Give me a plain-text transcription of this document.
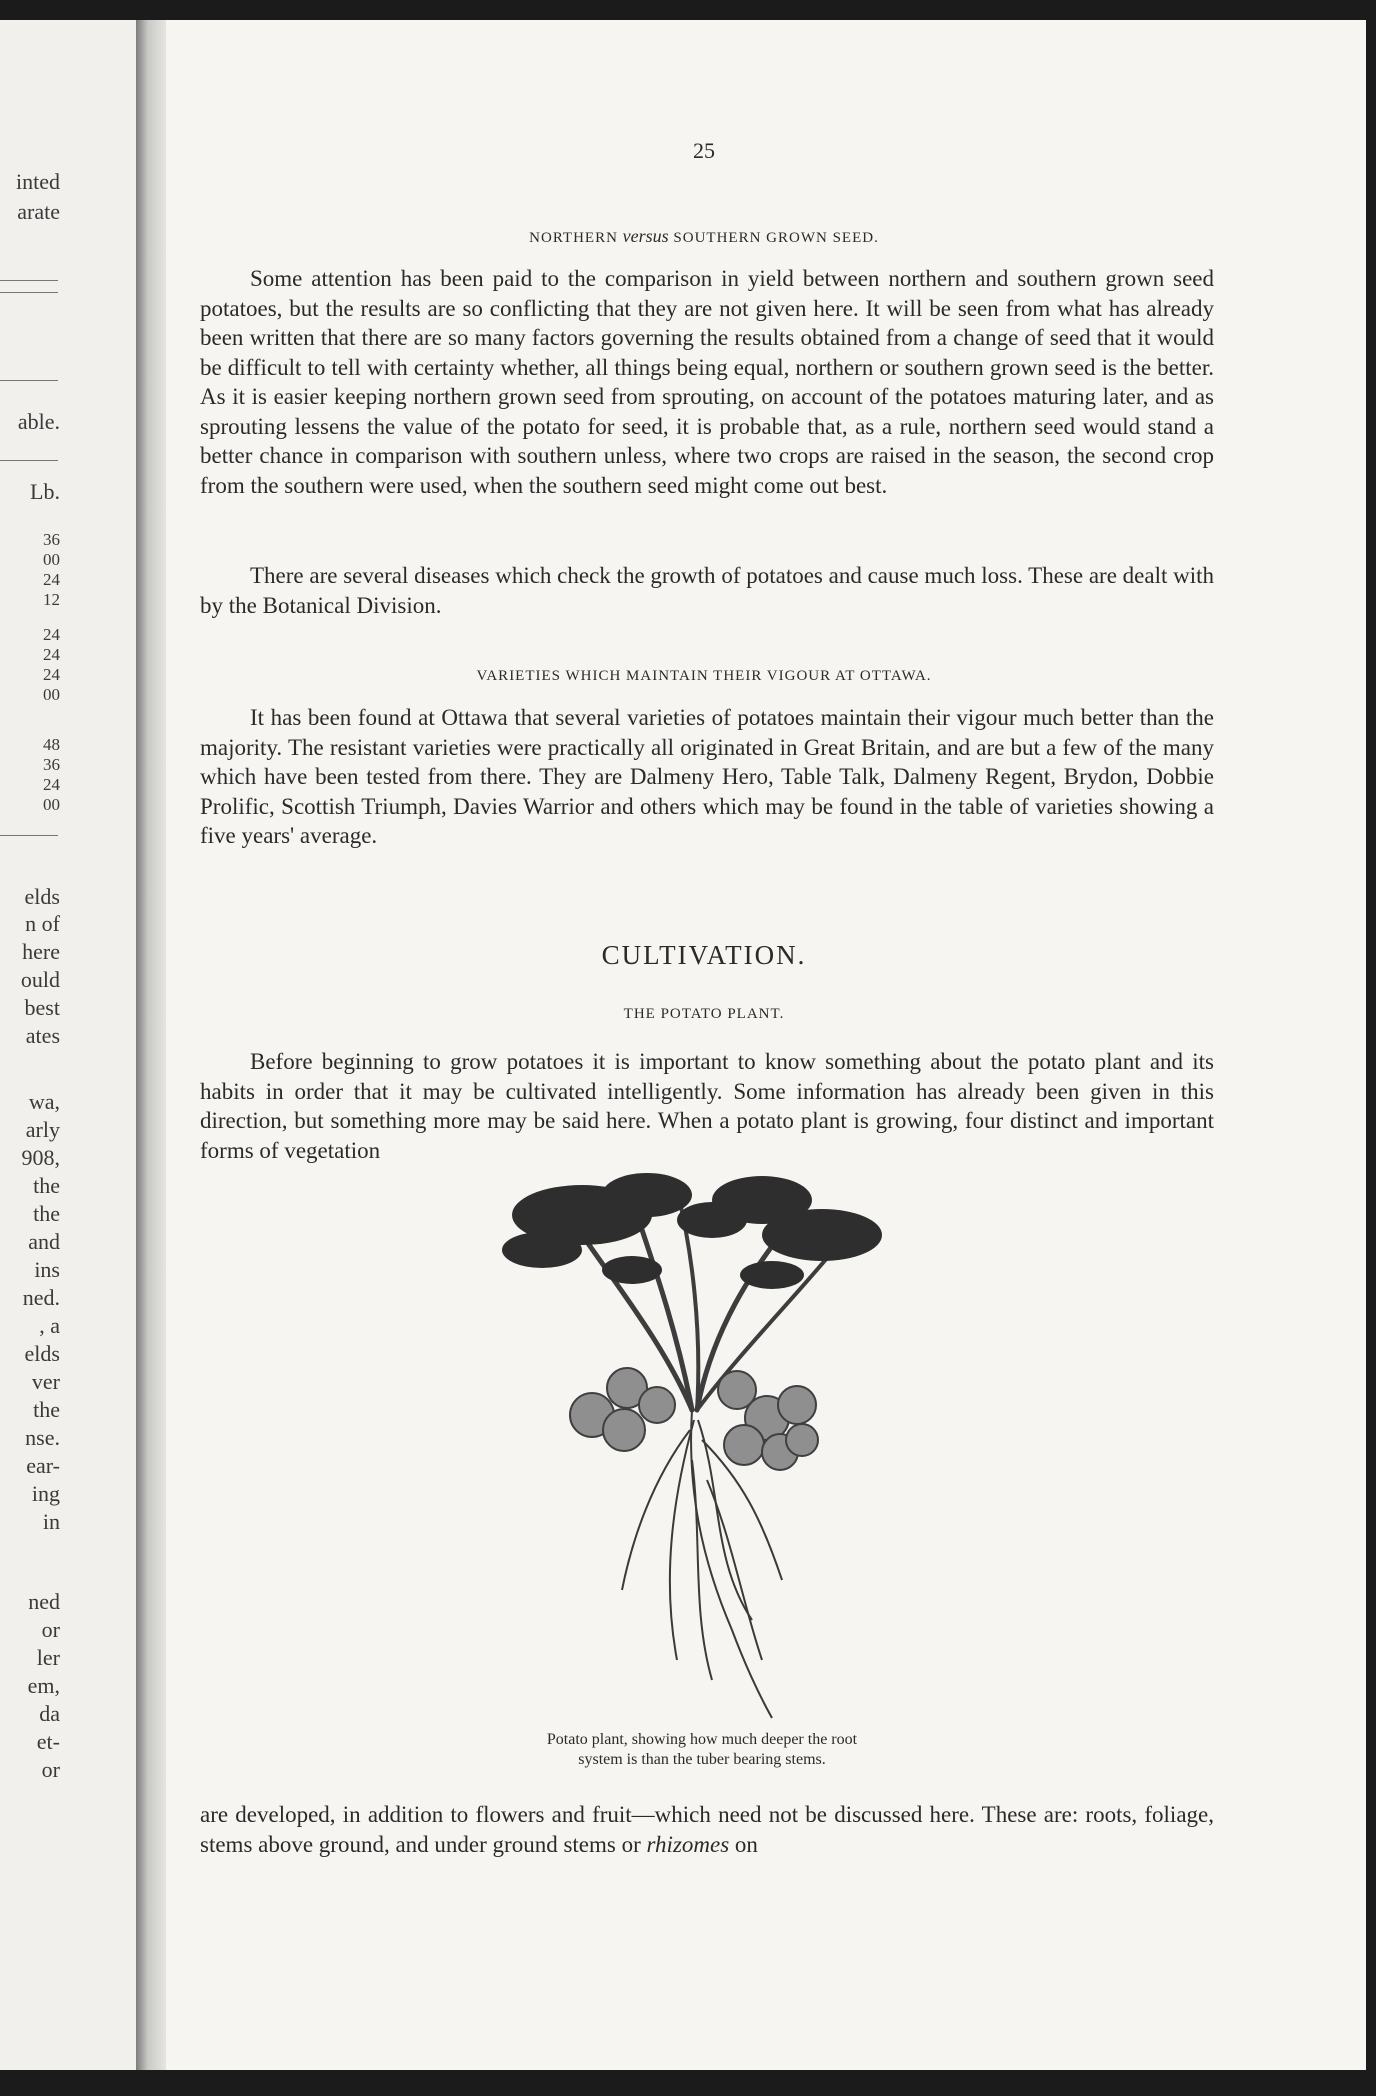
inted
arate
able.
Lb.
36
00
24
12
24
24
24
00
48
36
24
00
elds
n of
here
ould
best
ates
wa,
arly
908,
the
the
and
ins
ned.
, a
elds
ver
the
nse.
ear-
ing
in
ned
or
ler
em,
da
et-
or
25
NORTHERN versus SOUTHERN GROWN SEED.

Some attention has been paid to the comparison in yield between northern and southern grown seed potatoes, but the results are so conflicting that they are not given here. It will be seen from what has already been written that there are so many factors governing the results obtained from a change of seed that it would be difficult to tell with certainty whether, all things being equal, northern or southern grown seed is the better. As it is easier keeping northern grown seed from sprouting, on account of the potatoes maturing later, and as sprouting lessens the value of the potato for seed, it is probable that, as a rule, northern seed would stand a better chance in comparison with southern unless, where two crops are raised in the season, the second crop from the southern were used, when the southern seed might come out best.

There are several diseases which check the growth of potatoes and cause much loss. These are dealt with by the Botanical Division.

VARIETIES WHICH MAINTAIN THEIR VIGOUR AT OTTAWA.

It has been found at Ottawa that several varieties of potatoes maintain their vigour much better than the majority. The resistant varieties were practically all originated in Great Britain, and are but a few of the many which have been tested from there. They are Dalmeny Hero, Table Talk, Dalmeny Regent, Brydon, Dobbie Prolific, Scottish Triumph, Davies Warrior and others which may be found in the table of varieties showing a five years' average.

CULTIVATION.
THE POTATO PLANT.

Before beginning to grow potatoes it is important to know something about the potato plant and its habits in order that it may be cultivated intelligently. Some information has already been given in this direction, but something more may be said here. When a potato plant is growing, four distinct and important forms of vegetation

Potato plant, showing how much deeper the root
system is than the tuber bearing stems.

are developed, in addition to flowers and fruit—which need not be discussed here. These are: roots, foliage, stems above ground, and under ground stems or rhizomes on
